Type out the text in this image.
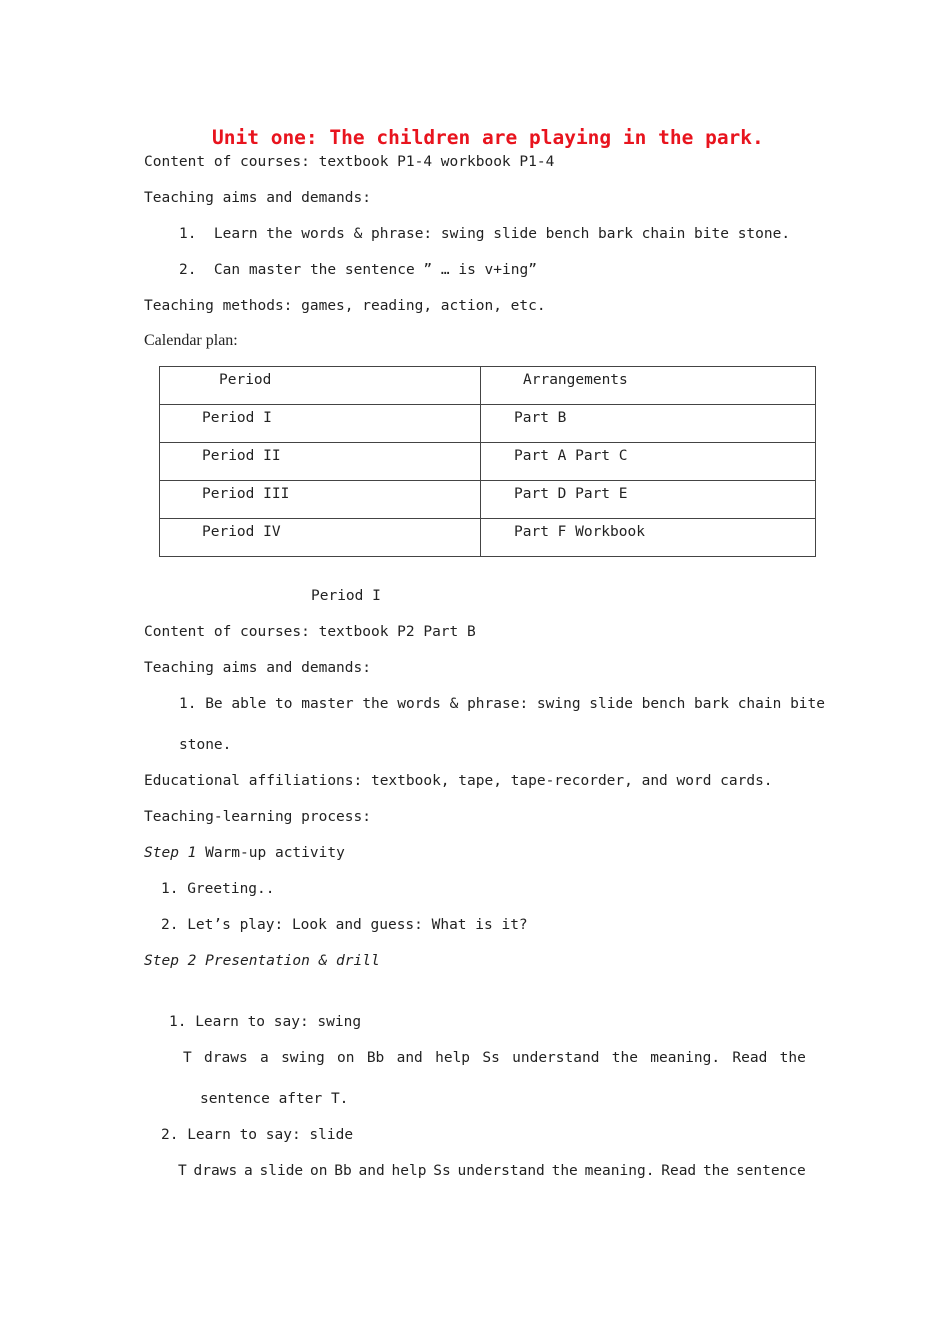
Unit one: The children are playing in the park.
Content of courses: textbook P1-4 workbook P1-4
Teaching aims and demands:
1.  Learn the words & phrase: swing slide bench bark chain bite stone.
2.  Can master the sentence ” … is v+ing”
Teaching methods: games, reading, action, etc.
Calendar plan:
Period	Arrangements

Period I	Part B

Period II	Part A Part C

Period III	Part D Part E

Period IV	Part F Workbook
Period I
Content of courses: textbook P2 Part B
Teaching aims and demands:
1. Be able to master the words & phrase: swing slide bench bark chain bite
stone.
Educational affiliations: textbook, tape, tape-recorder, and word cards.
Teaching-learning process:
Step 1 Warm-up activity
1. Greeting..
2. Let’s play: Look and guess: What is it?
Step 2 Presentation & drill
1. Learn to say: swing
T draws a swing on Bb and help Ss understand the meaning. Read the
sentence after T.
2. Learn to say: slide
T draws a slide on Bb and help Ss understand the meaning. Read the sentence
